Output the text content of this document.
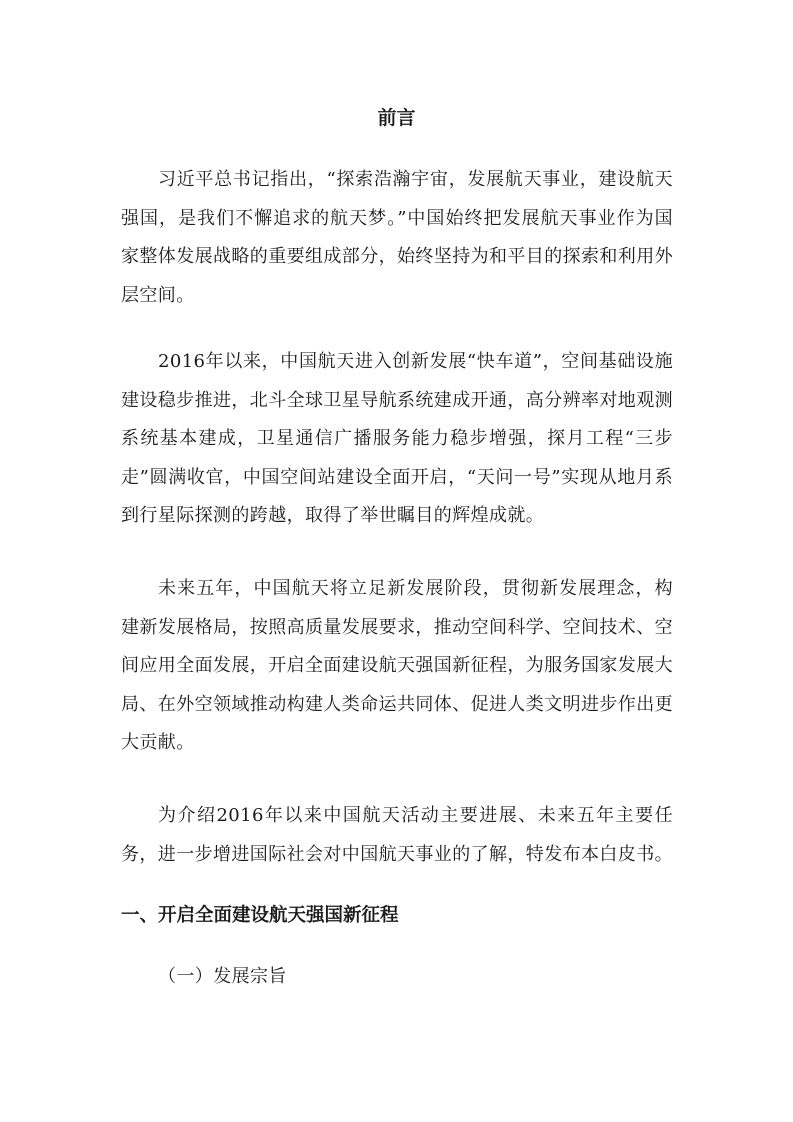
前言

习近平总书记指出，“探索浩瀚宇宙，发展航天事业，建设航天强国，是我们不懈追求的航天梦。”中国始终把发展航天事业作为国家整体发展战略的重要组成部分，始终坚持为和平目的探索和利用外层空间。

2016年以来，中国航天进入创新发展“快车道”，空间基础设施建设稳步推进，北斗全球卫星导航系统建成开通，高分辨率对地观测系统基本建成，卫星通信广播服务能力稳步增强，探月工程“三步走”圆满收官，中国空间站建设全面开启，“天问一号”实现从地月系到行星际探测的跨越，取得了举世瞩目的辉煌成就。

未来五年，中国航天将立足新发展阶段，贯彻新发展理念，构建新发展格局，按照高质量发展要求，推动空间科学、空间技术、空间应用全面发展，开启全面建设航天强国新征程，为服务国家发展大局、在外空领域推动构建人类命运共同体、促进人类文明进步作出更大贡献。

为介绍2016年以来中国航天活动主要进展、未来五年主要任务，进一步增进国际社会对中国航天事业的了解，特发布本白皮书。

一、开启全面建设航天强国新征程
（一）发展宗旨
